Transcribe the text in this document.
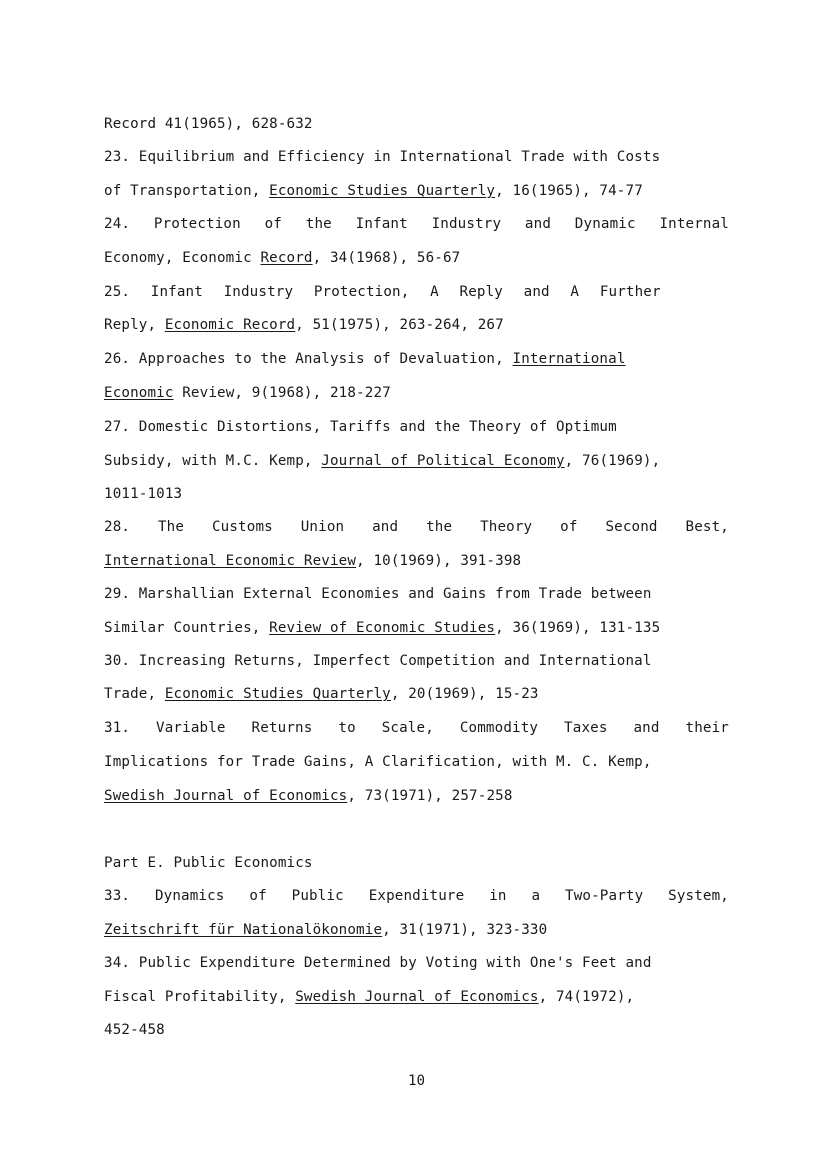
Record 41(1965), 628-632
23. Equilibrium and Efficiency in International Trade with Costs
of Transportation, Economic Studies Quarterly, 16(1965), 74-77
24. Protection of the Infant Industry and Dynamic Internal
Economy, Economic Record, 34(1968), 56-67
25. Infant Industry Protection, A Reply and A Further
Reply, Economic Record, 51(1975), 263-264, 267
26. Approaches to the Analysis of Devaluation, International
Economic Review, 9(1968), 218-227
27. Domestic Distortions, Tariffs and the Theory of Optimum
Subsidy, with M.C. Kemp, Journal of Political Economy, 76(1969),
1011-1013
28. The Customs Union and the Theory of Second Best,
International Economic Review, 10(1969), 391-398
29. Marshallian External Economies and Gains from Trade between
Similar Countries, Review of Economic Studies, 36(1969), 131-135
30. Increasing Returns, Imperfect Competition and International
Trade, Economic Studies Quarterly, 20(1969), 15-23
31. Variable Returns to Scale, Commodity Taxes and their
Implications for Trade Gains, A Clarification, with M. C. Kemp,
Swedish Journal of Economics, 73(1971), 257-258
Part E. Public Economics
33. Dynamics of Public Expenditure in a Two-Party System,
Zeitschrift für Nationalökonomie, 31(1971), 323-330
34. Public Expenditure Determined by Voting with One's Feet and
Fiscal Profitability, Swedish Journal of Economics, 74(1972),
452-458
10
